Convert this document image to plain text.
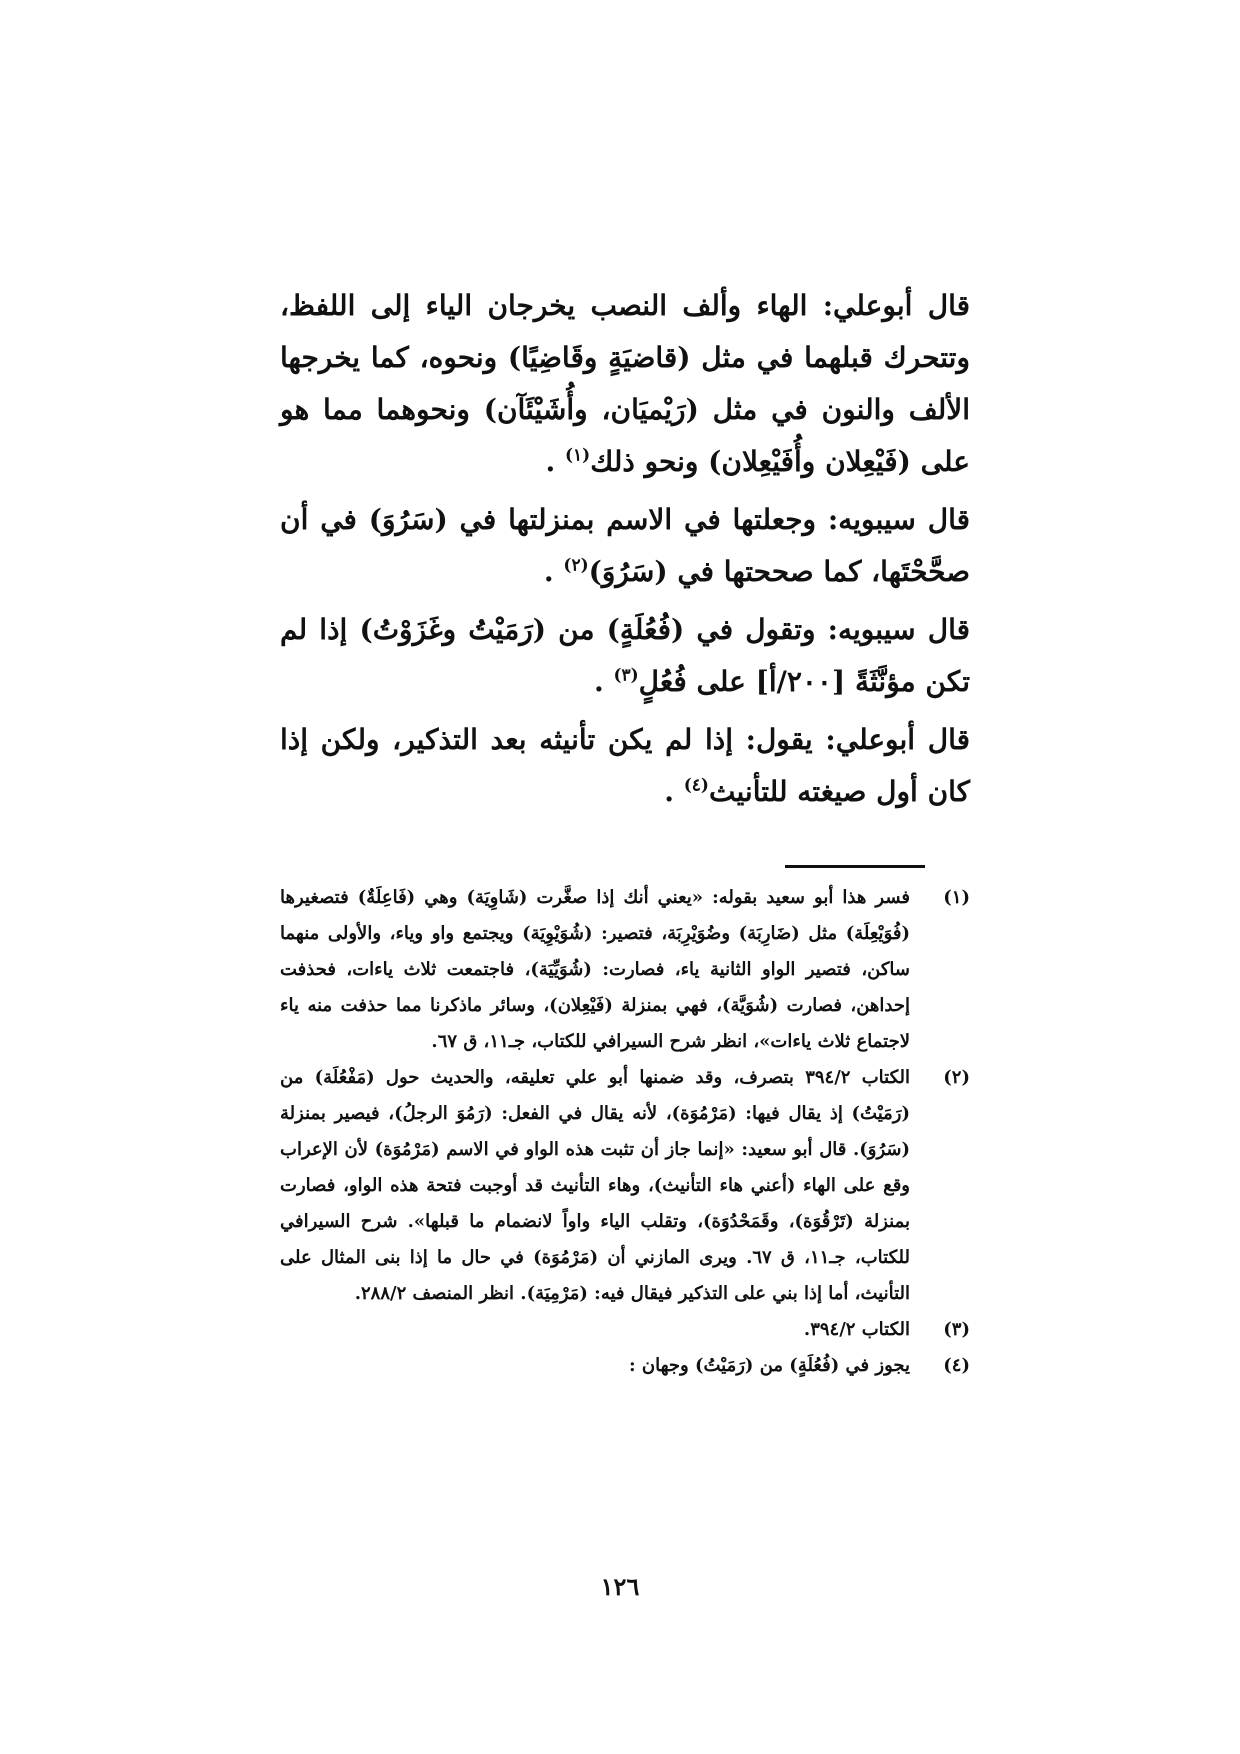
قال أبوعلي: الهاء وألف النصب يخرجان الياء إلى اللفظ، وتتحرك قبلهما في مثل (قاضيَةٍ وقَاضِيًا) ونحوه، كما يخرجها الألف والنون في مثل (رَيْميَان، وأُشَيْئَآن) ونحوهما مما هو على (فَيْعِلان وأُفَيْعِلان) ونحو ذلك$^{(١)}$ .

قال سيبويه: وجعلتها في الاسم بمنزلتها في (سَرُوَ) في أن صحَّحْتَها، كما صححتها في (سَرُوَ)$^{(٢)}$ .

قال سيبويه: وتقول في (فُعُلَةٍ) من (رَمَيْتُ وغَزَوْتُ) إذا لم تكن مؤنَّثَةً [٢٠٠/أ] على فُعُلٍ$^{(٣)}$ .

قال أبوعلي: يقول: إذا لم يكن تأنيثه بعد التذكير، ولكن إذا كان أول صيغته للتأنيث$^{(٤)}$ .

(١)
فسر هذا أبو سعيد بقوله: «يعني أنك إذا صغَّرت (شَاوِيَة) وهي (فَاعِلَةٌ) فتصغيرها (فُوَيْعِلَة) مثل (ضَارِبَة) وضُوَيْرِبَة، فتصير: (شُوَيْوِيَة) ويجتمع واو وياء، والأولى منهما ساكن، فتصير الواو الثانية ياء، فصارت: (شُوَيِّيَة)، فاجتمعت ثلاث ياءات، فحذفت إحداهن، فصارت (شُوَيَّة)، فهي بمنزلة (فَيْعِلان)، وسائر ماذكرنا مما حذفت منه ياء لاجتماع ثلاث ياءات»، انظر شرح السيرافي للكتاب، جـ١١، ق ٦٧.
(٢)
الكتاب ٣٩٤/٢ بتصرف، وقد ضمنها أبو علي تعليقه، والحديث حول (مَفْعُلَة) من (رَمَيْتُ) إذ يقال فيها: (مَرْمُوَة)، لأنه يقال في الفعل: (رَمُوَ الرجلُ)، فيصير بمنزلة (سَرُوَ). قال أبو سعيد: «إنما جاز أن تثبت هذه الواو في الاسم (مَرْمُوَة) لأن الإعراب وقع على الهاء (أعني هاء التأنيث)، وهاء التأنيث قد أوجبت فتحة هذه الواو، فصارت بمنزلة (تَرْقُوَة)، وقَمَحْدُوَة)، وتقلب الياء واواً لانضمام ما قبلها». شرح السيرافي للكتاب، جـ١١، ق ٦٧. ويرى المازني أن (مَرْمُوَة) في حال ما إذا بنى المثال على التأنيث، أما إذا بني على التذكير فيقال فيه: (مَرْمِيَة). انظر المنصف ٢٨٨/٢.
(٣)
الكتاب ٣٩٤/٢.
(٤)
يجوز في (فُعُلَةٍ) من (رَمَيْتُ) وجهان :
١٢٦
